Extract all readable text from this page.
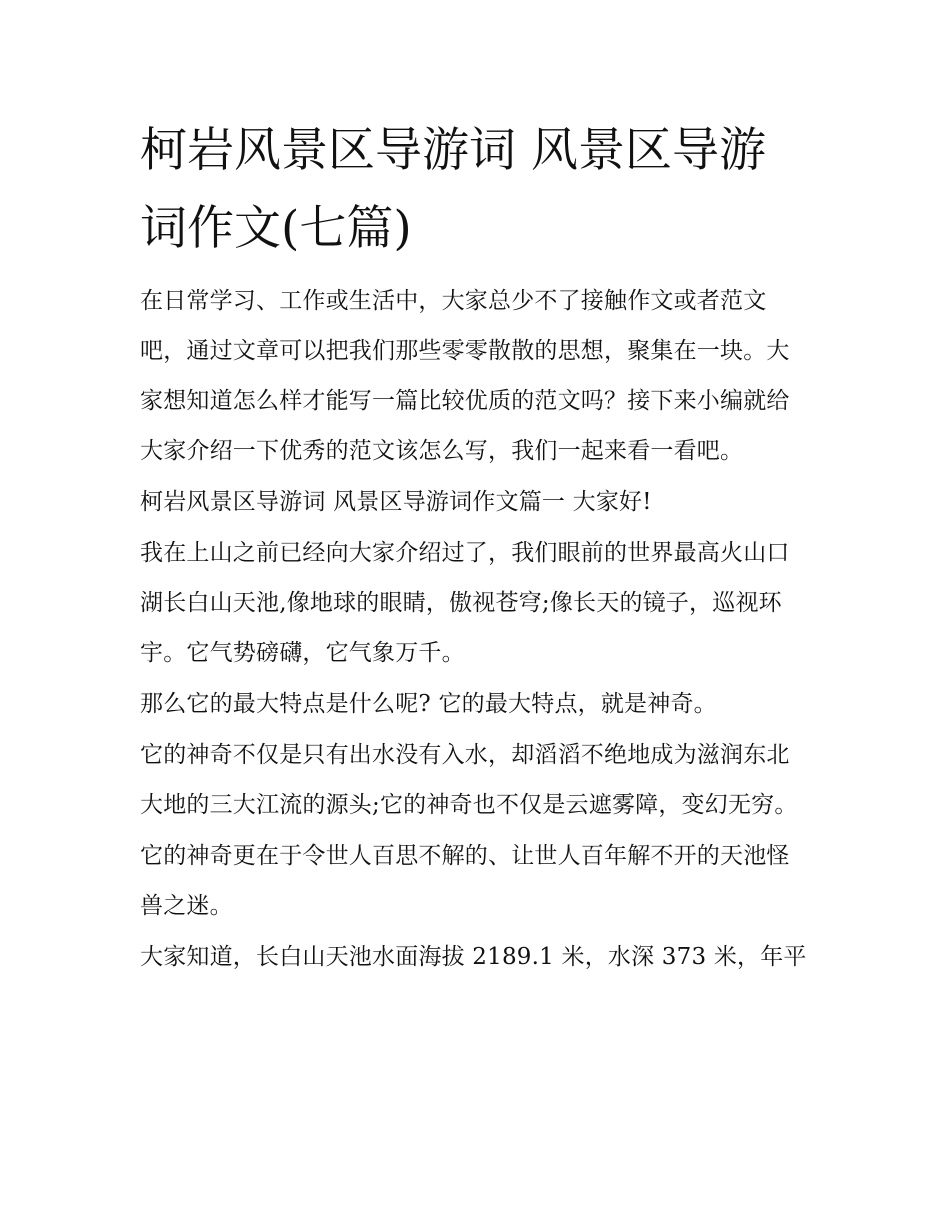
柯岩风景区导游词 风景区导游词作文(七篇)

在日常学习、工作或生活中，大家总少不了接触作文或者范文吧，通过文章可以把我们那些零零散散的思想，聚集在一块。大家想知道怎么样才能写一篇比较优质的范文吗？接下来小编就给大家介绍一下优秀的范文该怎么写，我们一起来看一看吧。

柯岩风景区导游词 风景区导游词作文篇一 大家好!

我在上山之前已经向大家介绍过了，我们眼前的世界最高火山口湖长白山天池,像地球的眼睛，傲视苍穹;像长天的镜子，巡视环宇。它气势磅礴，它气象万千。

那么它的最大特点是什么呢? 它的最大特点，就是神奇。

它的神奇不仅是只有出水没有入水，却滔滔不绝地成为滋润东北大地的三大江流的源头;它的神奇也不仅是云遮雾障，变幻无穷。

它的神奇更在于令世人百思不解的、让世人百年解不开的天池怪兽之迷。

大家知道，长白山天池水面海拔 2189.1 米，水深 373 米，年平
